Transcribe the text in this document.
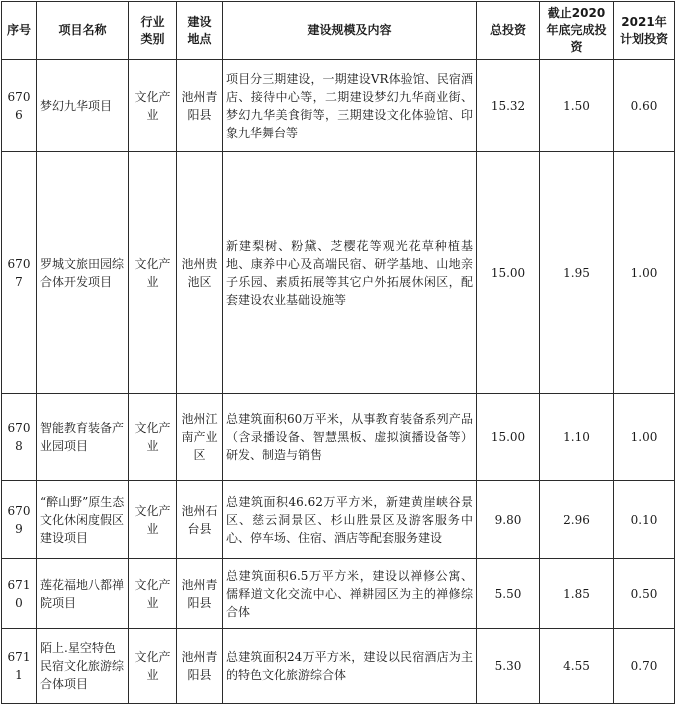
序号	项目名称	行业类别	建设地点	建设规模及内容	总投资	截止2020年底完成投资	2021年计划投资
6706	梦幻九华项目	文化产业	池州青阳县	项目分三期建设，一期建设VR体验馆、民宿酒店、接待中心等，二期建设梦幻九华商业街、梦幻九华美食街等，三期建设文化体验馆、印象九华舞台等	15.32	1.50	0.60
6707	罗城文旅田园综合体开发项目	文化产业	池州贵池区	新建梨树、粉黛、芝樱花等观光花草种植基地、康养中心及高端民宿、研学基地、山地亲子乐园、素质拓展等其它户外拓展休闲区，配套建设农业基础设施等	15.00	1.95	1.00
6708	智能教育装备产业园项目	文化产业	池州江南产业区	总建筑面积60万平米，从事教育装备系列产品（含录播设备、智慧黑板、虚拟演播设备等）研发、制造与销售	15.00	1.10	1.00
6709	“醉山野”原生态文化休闲度假区建设项目	文化产业	池州石台县	总建筑面积46.62万平方米，新建黄崖峡谷景区、慈云洞景区、杉山胜景区及游客服务中心、停车场、住宿、酒店等配套服务建设	9.80	2.96	0.10
6710	莲花福地八都禅院项目	文化产业	池州青阳县	总建筑面积6.5万平方米，建设以禅修公寓、儒释道文化交流中心、禅耕园区为主的禅修综合体	5.50	1.85	0.50
6711	陌上.星空特色民宿文化旅游综合体项目	文化产业	池州青阳县	总建筑面积24万平方米，建设以民宿酒店为主的特色文化旅游综合体	5.30	4.55	0.70
